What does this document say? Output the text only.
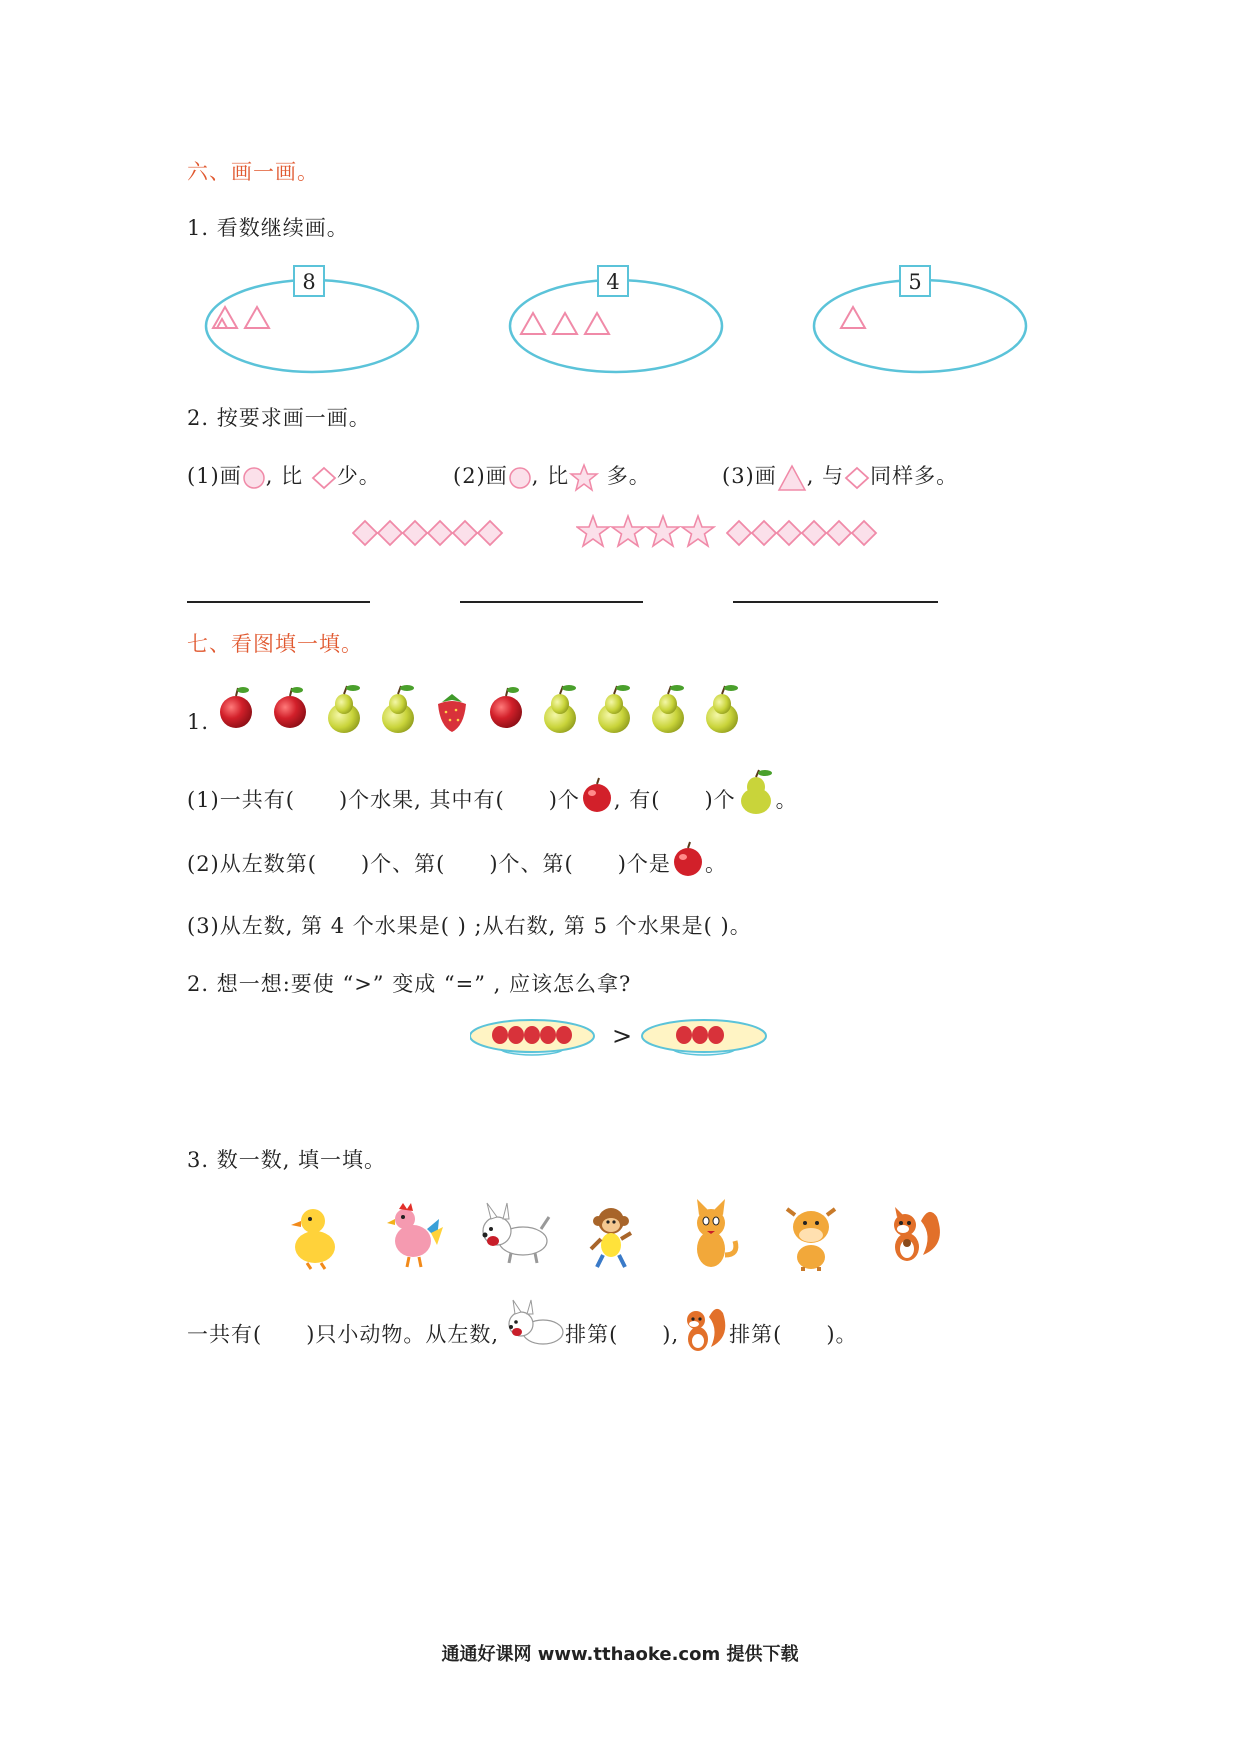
六、画一画。
1. 看数继续画。
8	4	5
2. 按要求画一画。
(1)画 , 比
少。	(2)画 , 比
多。	(3)画 , 与 同样多。
七、看图填一填。
1.
(1)一共有( )个水果, 其中有( )个 , 有( )个 。
(2)从左数第( )个、第( )个、第( )个是 。
(3)从左数, 第 4 个水果是( ) ;从右数, 第 5 个水果是( )。
2. 想一想:要使 “>” 变成 “=” , 应该怎么拿?
>
3. 数一数, 填一填。
一共有( )只小动物。从左数,	排第( ), 排第( )。
通通好课网 www.tthaoke.com 提供下载
